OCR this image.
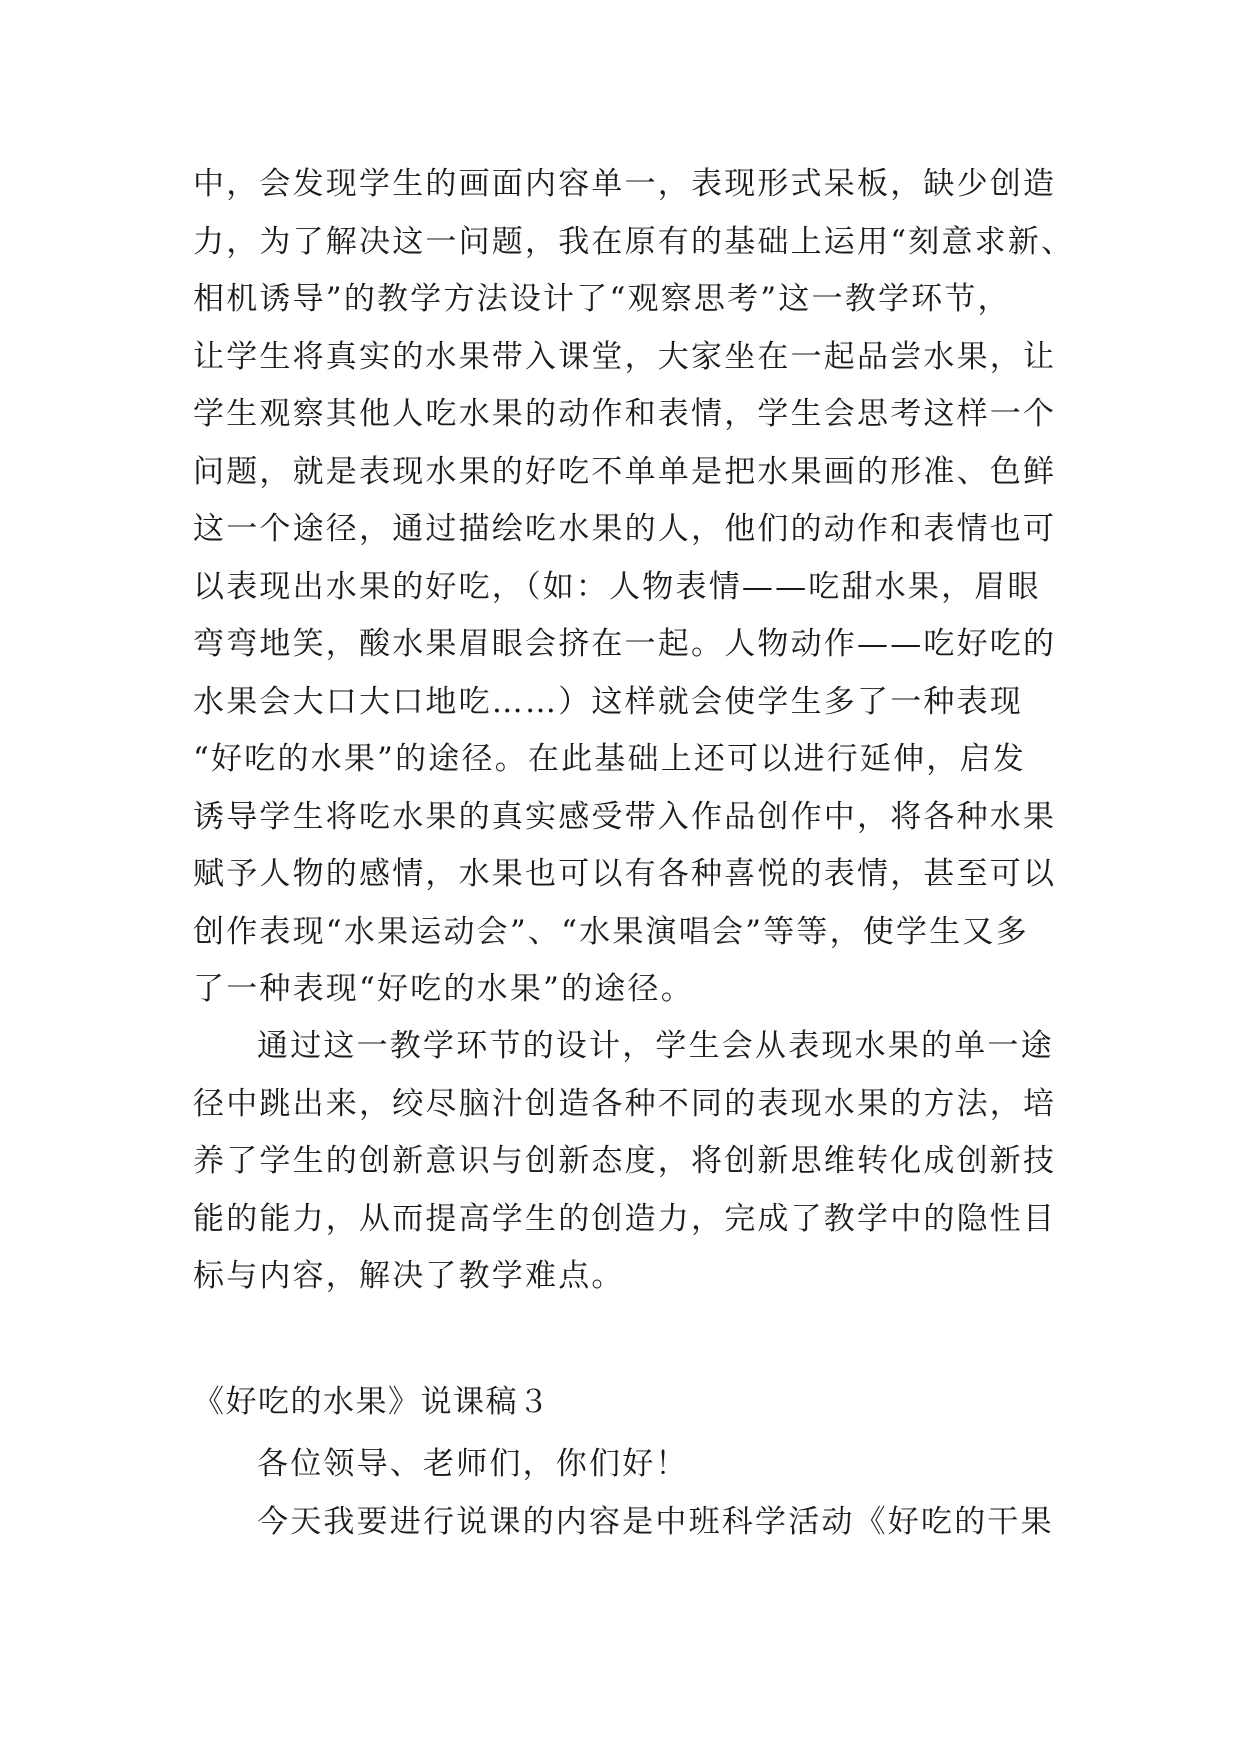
中，会发现学生的画面内容单一，表现形式呆板，缺少创造
力，为了解决这一问题，我在原有的基础上运用“刻意求新、
相机诱导”的教学方法设计了“观察思考”这一教学环节，
让学生将真实的水果带入课堂，大家坐在一起品尝水果，让
学生观察其他人吃水果的动作和表情，学生会思考这样一个
问题，就是表现水果的好吃不单单是把水果画的形准、色鲜
这一个途径，通过描绘吃水果的人，他们的动作和表情也可
以表现出水果的好吃，（如：人物表情——吃甜水果，眉眼
弯弯地笑，酸水果眉眼会挤在一起。人物动作——吃好吃的
水果会大口大口地吃……）这样就会使学生多了一种表现
“好吃的水果”的途径。在此基础上还可以进行延伸，启发
诱导学生将吃水果的真实感受带入作品创作中，将各种水果
赋予人物的感情，水果也可以有各种喜悦的表情，甚至可以
创作表现“水果运动会”、“水果演唱会”等等，使学生又多
了一种表现“好吃的水果”的途径。
通过这一教学环节的设计，学生会从表现水果的单一途
径中跳出来，绞尽脑汁创造各种不同的表现水果的方法，培
养了学生的创新意识与创新态度，将创新思维转化成创新技
能的能力，从而提高学生的创造力，完成了教学中的隐性目
标与内容，解决了教学难点。
《好吃的水果》说课稿３
各位领导、老师们，你们好！
今天我要进行说课的内容是中班科学活动《好吃的干果
